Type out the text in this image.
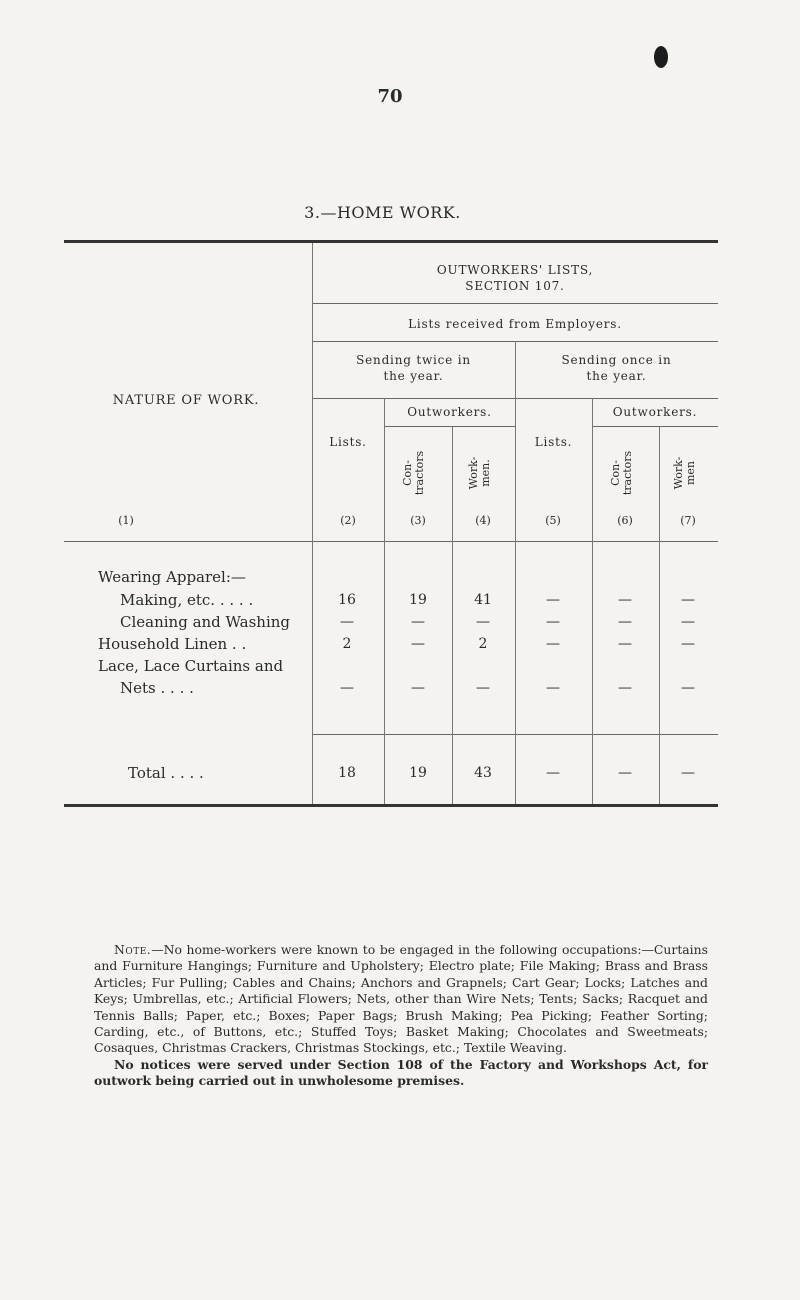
70
3.—HOME WORK.
NATURE OF WORK.
OUTWORKERS' LISTS,
SECTION 107.
Lists received from Employers.
Sending twice in
the year.
Sending once in
the year.
Outworkers.	Outworkers.
Lists.	Lists.
Con- tractors	Work- men.	Con- tractors	Work- men
(1)	(2)	(3)	(4)	(5)	(6)	(7)
Wearing Apparel:—
Making, etc. . . . .	16	19	41	—	—	—
Cleaning and Washing	—	—	—	—	—	—
Household Linen . .	2	—	2	—	—	—
Lace, Lace Curtains and
Nets . . . .	—	—	—	—	—	—
Total . . . .	18	19	43	—	—	—

Note.—No home-workers were known to be engaged in the following occupations:—Curtains and Furniture Hangings; Furniture and Upholstery; Electro plate; File Making; Brass and Brass Articles; Fur Pulling; Cables and Chains; Anchors and Grapnels; Cart Gear; Locks; Latches and Keys; Umbrellas, etc.; Artificial Flowers; Nets, other than Wire Nets; Tents; Sacks; Racquet and Tennis Balls; Paper, etc.; Boxes; Paper Bags; Brush Making; Pea Picking; Feather Sorting; Carding, etc., of Buttons, etc.; Stuffed Toys; Basket Making; Chocolates and Sweetmeats; Cosaques, Christmas Crackers, Christmas Stockings, etc.; Textile Weaving.

No notices were served under Section 108 of the Factory and Workshops Act, for outwork being carried out in unwholesome premises.
